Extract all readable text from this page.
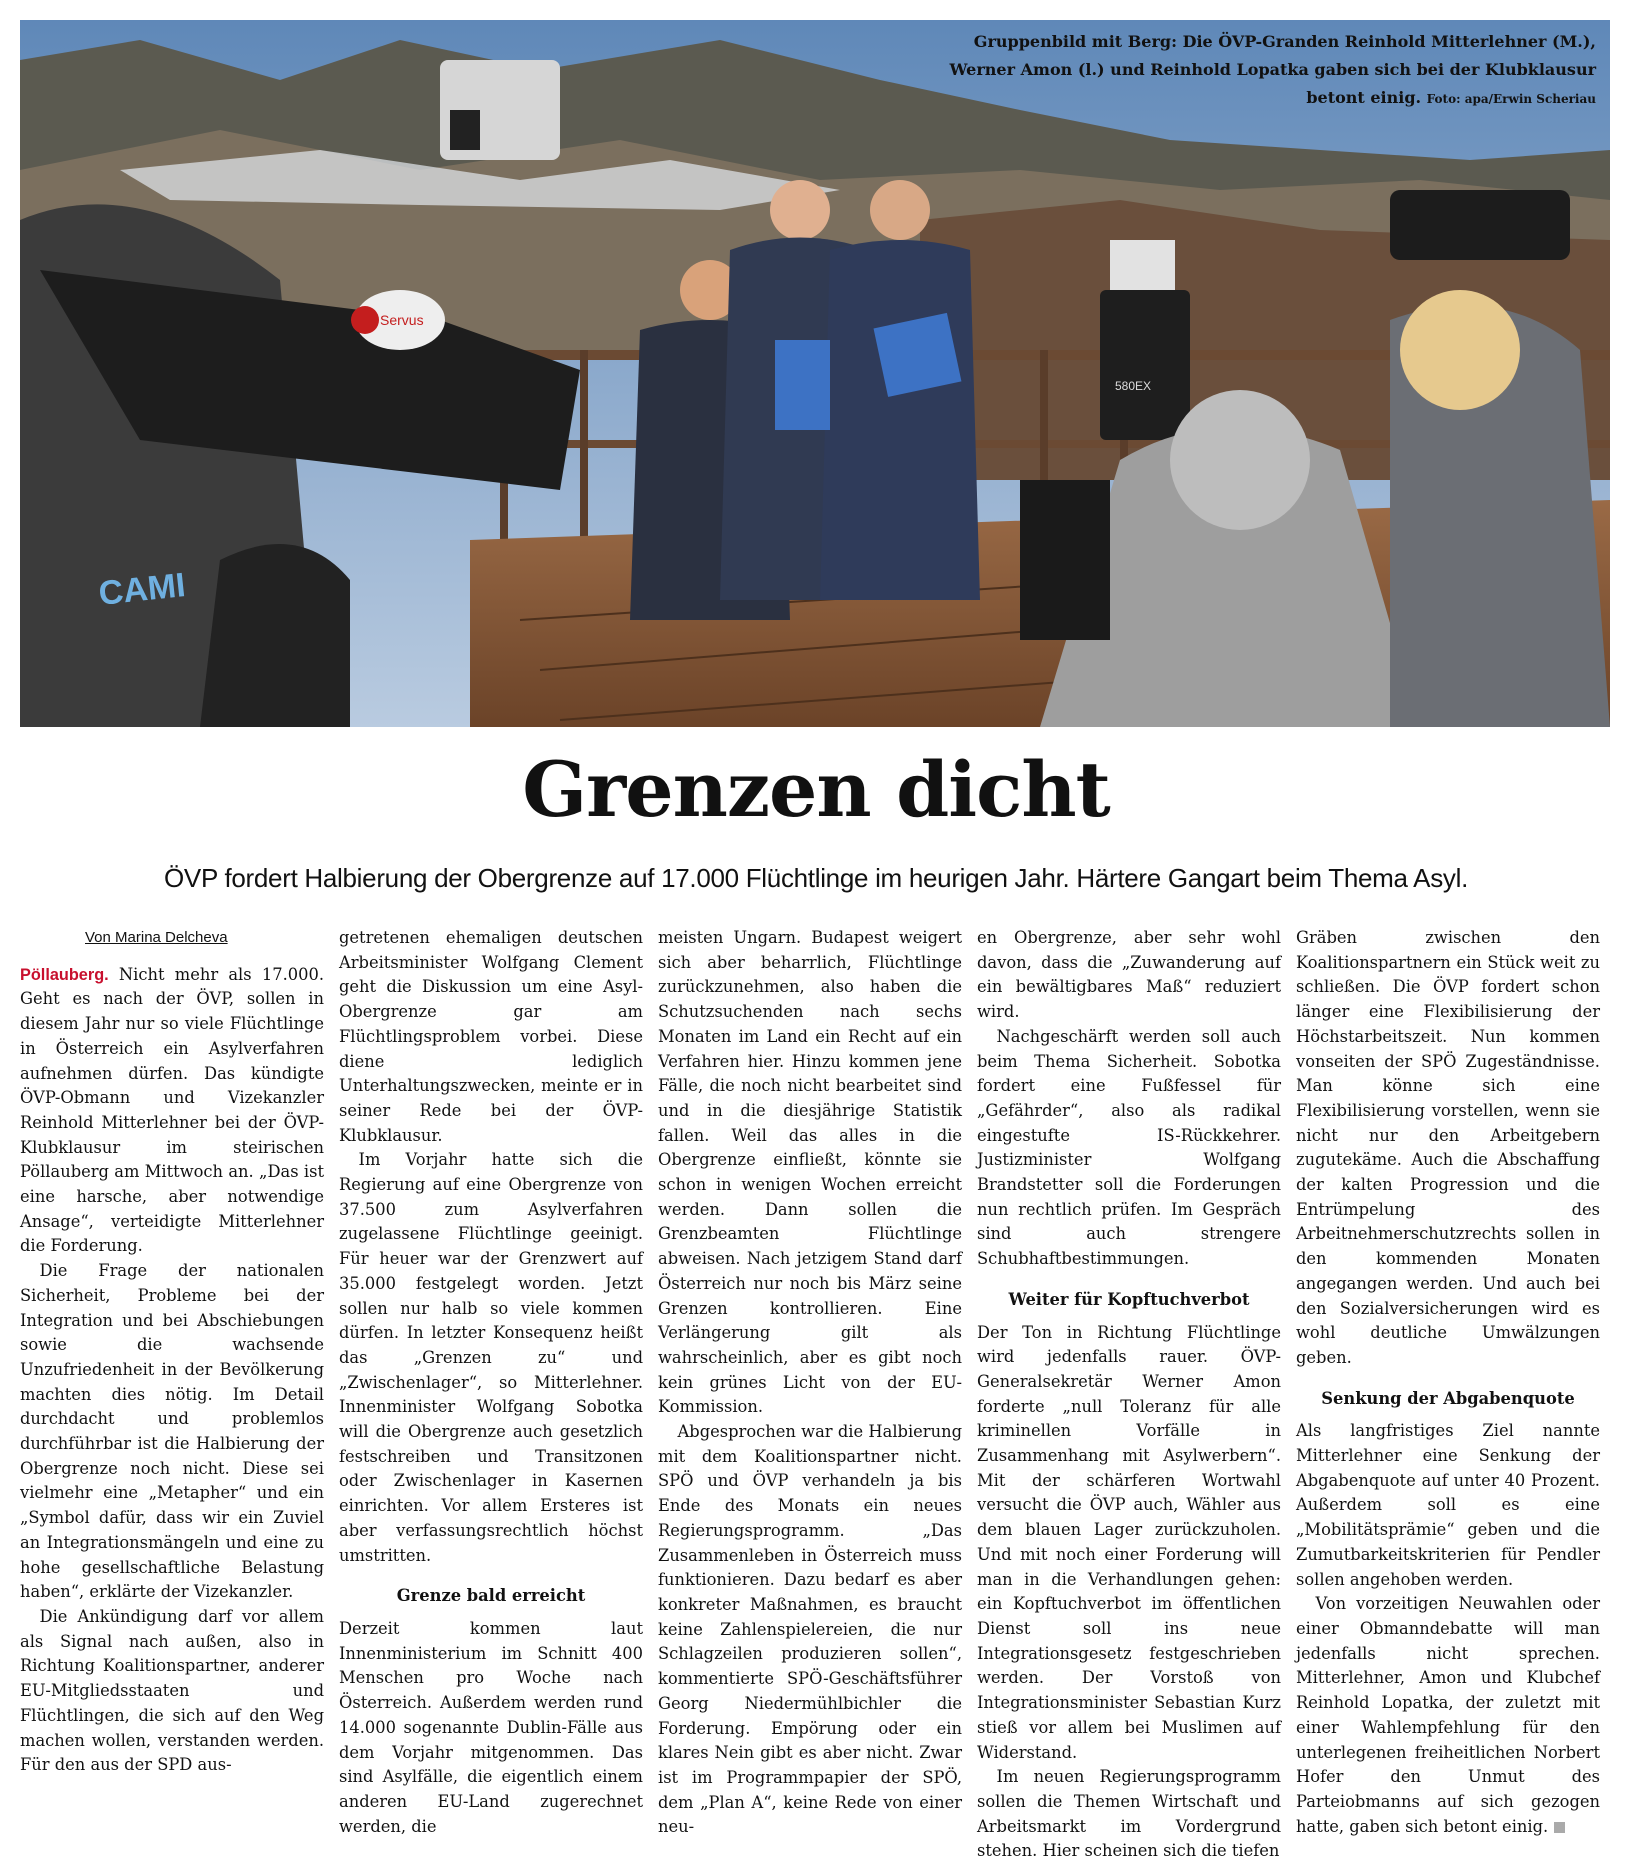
CAMI
Servus
580EX
Gruppenbild mit Berg: Die ÖVP-Granden Reinhold Mitterlehner (M.), Werner Amon (l.) und Reinhold Lopatka gaben sich bei der Klubklausur betont einig. Foto: apa/Erwin Scheriau
Grenzen dicht
ÖVP fordert Halbierung der Obergrenze auf 17.000 Flüchtlinge im heurigen Jahr. Härtere Gangart beim Thema Asyl.

Von Marina Delcheva

Pöllauberg. Nicht mehr als 17.000. Geht es nach der ÖVP, sollen in diesem Jahr nur so viele Flüchtlinge in Österreich ein Asylverfahren aufnehmen dürfen. Das kündigte ÖVP-Obmann und Vizekanzler Reinhold Mitterlehner bei der ÖVP-Klubklausur im steirischen Pöllauberg am Mittwoch an. „Das ist eine harsche, aber notwendige Ansage“, verteidigte Mitterlehner die Forderung.

Die Frage der nationalen Sicherheit, Probleme bei der Integration und bei Abschiebungen sowie die wachsende Unzufriedenheit in der Bevölkerung machten dies nötig. Im Detail durchdacht und problemlos durchführbar ist die Halbierung der Obergrenze noch nicht. Diese sei vielmehr eine „Metapher“ und ein „Symbol dafür, dass wir ein Zuviel an Integrationsmängeln und eine zu hohe gesellschaftliche Belastung haben“, erklärte der Vizekanzler.

Die Ankündigung darf vor allem als Signal nach außen, also in Richtung Koalitionspartner, anderer EU-Mitgliedsstaaten und Flüchtlingen, die sich auf den Weg machen wollen, verstanden werden. Für den aus der SPD aus-

getretenen ehemaligen deutschen Arbeitsminister Wolfgang Clement geht die Diskussion um eine Asyl-Obergrenze gar am Flüchtlingsproblem vorbei. Diese diene lediglich Unterhaltungszwecken, meinte er in seiner Rede bei der ÖVP-Klubklausur.

Im Vorjahr hatte sich die Regierung auf eine Obergrenze von 37.500 zum Asylverfahren zugelassene Flüchtlinge geeinigt. Für heuer war der Grenzwert auf 35.000 festgelegt worden. Jetzt sollen nur halb so viele kommen dürfen. In letzter Konsequenz heißt das „Grenzen zu“ und „Zwischenlager“, so Mitterlehner. Innenminister Wolfgang Sobotka will die Obergrenze auch gesetzlich festschreiben und Transitzonen oder Zwischenlager in Kasernen einrichten. Vor allem Ersteres ist aber verfassungsrechtlich höchst umstritten.

Grenze bald erreicht

Derzeit kommen laut Innenministerium im Schnitt 400 Menschen pro Woche nach Österreich. Außerdem werden rund 14.000 sogenannte Dublin-Fälle aus dem Vorjahr mitgenommen. Das sind Asylfälle, die eigentlich einem anderen EU-Land zugerechnet werden, die

meisten Ungarn. Budapest weigert sich aber beharrlich, Flüchtlinge zurückzunehmen, also haben die Schutzsuchenden nach sechs Monaten im Land ein Recht auf ein Verfahren hier. Hinzu kommen jene Fälle, die noch nicht bearbeitet sind und in die diesjährige Statistik fallen. Weil das alles in die Obergrenze einfließt, könnte sie schon in wenigen Wochen erreicht werden. Dann sollen die Grenzbeamten Flüchtlinge abweisen. Nach jetzigem Stand darf Österreich nur noch bis März seine Grenzen kontrollieren. Eine Verlängerung gilt als wahrscheinlich, aber es gibt noch kein grünes Licht von der EU-Kommission.

Abgesprochen war die Halbierung mit dem Koalitionspartner nicht. SPÖ und ÖVP verhandeln ja bis Ende des Monats ein neues Regierungsprogramm. „Das Zusammenleben in Österreich muss funktionieren. Dazu bedarf es aber konkreter Maßnahmen, es braucht keine Zahlenspielereien, die nur Schlagzeilen produzieren sollen“, kommentierte SPÖ-Geschäftsführer Georg Niedermühlbichler die Forderung. Empörung oder ein klares Nein gibt es aber nicht. Zwar ist im Programmpapier der SPÖ, dem „Plan A“, keine Rede von einer neu-

en Obergrenze, aber sehr wohl davon, dass die „Zuwanderung auf ein bewältigbares Maß“ reduziert wird.

Nachgeschärft werden soll auch beim Thema Sicherheit. Sobotka fordert eine Fußfessel für „Gefährder“, also als radikal eingestufte IS-Rückkehrer. Justizminister Wolfgang Brandstetter soll die Forderungen nun rechtlich prüfen. Im Gespräch sind auch strengere Schubhaftbestimmungen.

Weiter für Kopftuchverbot

Der Ton in Richtung Flüchtlinge wird jedenfalls rauer. ÖVP-Generalsekretär Werner Amon forderte „null Toleranz für alle kriminellen Vorfälle in Zusammenhang mit Asylwerbern“. Mit der schärferen Wortwahl versucht die ÖVP auch, Wähler aus dem blauen Lager zurückzuholen. Und mit noch einer Forderung will man in die Verhandlungen gehen: ein Kopftuchverbot im öffentlichen Dienst soll ins neue Integrationsgesetz festgeschrieben werden. Der Vorstoß von Integrationsminister Sebastian Kurz stieß vor allem bei Muslimen auf Widerstand.

Im neuen Regierungsprogramm sollen die Themen Wirtschaft und Arbeitsmarkt im Vordergrund stehen. Hier scheinen sich die tiefen

Gräben zwischen den Koalitionspartnern ein Stück weit zu schließen. Die ÖVP fordert schon länger eine Flexibilisierung der Höchstarbeitszeit. Nun kommen vonseiten der SPÖ Zugeständnisse. Man könne sich eine Flexibilisierung vorstellen, wenn sie nicht nur den Arbeitgebern zugutekäme. Auch die Abschaffung der kalten Progression und die Entrümpelung des Arbeitnehmerschutzrechts sollen in den kommenden Monaten angegangen werden. Und auch bei den Sozialversicherungen wird es wohl deutliche Umwälzungen geben.

Senkung der Abgabenquote

Als langfristiges Ziel nannte Mitterlehner eine Senkung der Abgabenquote auf unter 40 Prozent. Außerdem soll es eine „Mobilitätsprämie“ geben und die Zumutbarkeitskriterien für Pendler sollen angehoben werden.

Von vorzeitigen Neuwahlen oder einer Obmanndebatte will man jedenfalls nicht sprechen. Mitterlehner, Amon und Klubchef Reinhold Lopatka, der zuletzt mit einer Wahlempfehlung für den unterlegenen freiheitlichen Norbert Hofer den Unmut des Parteiobmanns auf sich gezogen hatte, gaben sich betont einig.
